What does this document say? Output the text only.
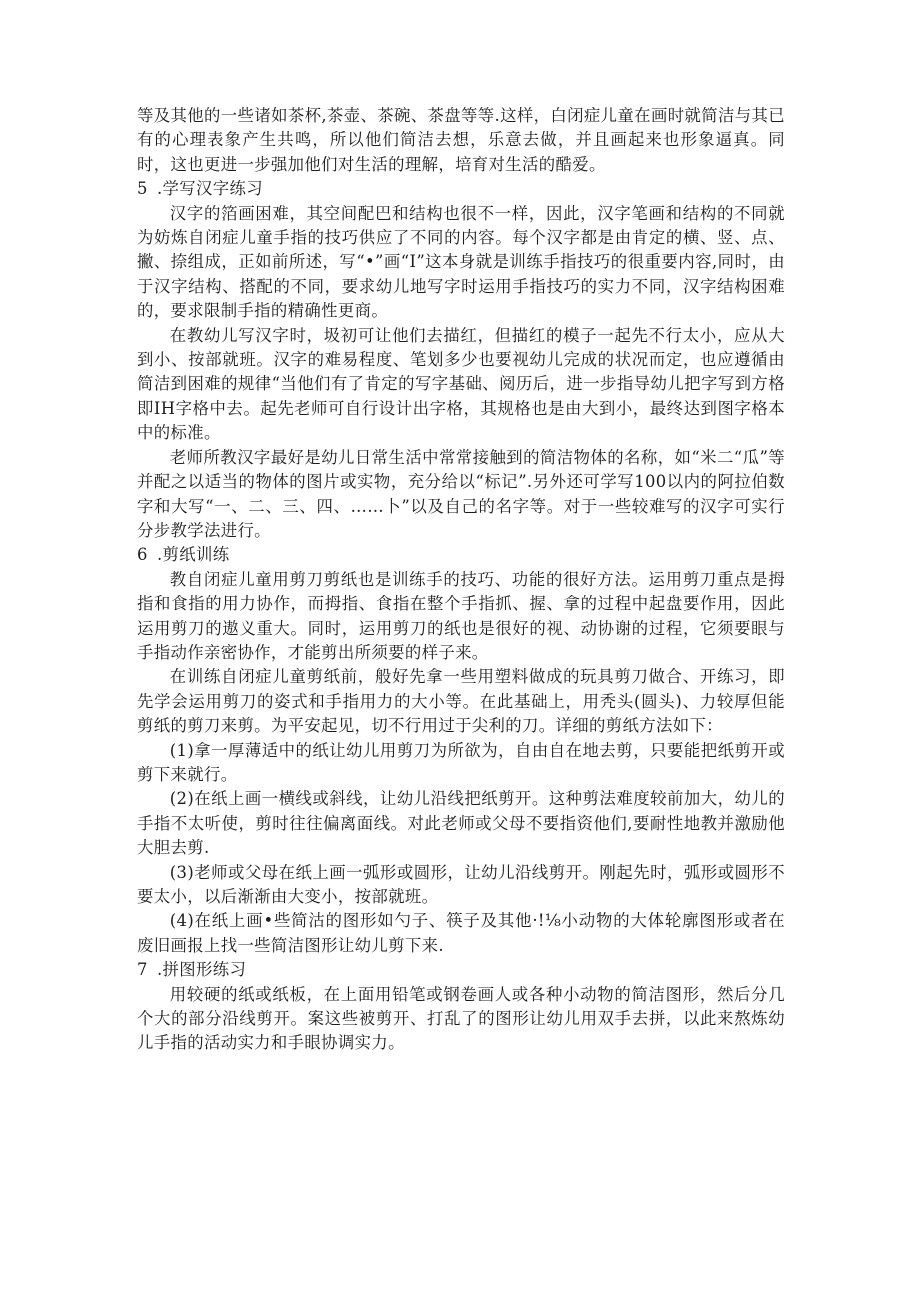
等及其他的一些诸如茶杯,茶壶、茶碗、茶盘等等.这样，白闭症儿童在画时就简洁与其已有的心理表象产生共鸣，所以他们简洁去想，乐意去做，并且画起来也形象逼真。同时，这也更进一步强加他们对生活的理解，培育对生活的酷爱。

5 .学写汉字练习

汉字的箔画困难，其空间配巴和结构也很不一样，因此，汉字笔画和结构的不同就为妨炼自闭症儿童手指的技巧供应了不同的内容。每个汉字都是由肯定的横、竖、点、撇、捺组成，正如前所述，写“•”画“I”这本身就是训练手指技巧的很重要内容,同时，由于汉字结构、搭配的不同，要求幼儿地写字时运用手指技巧的实力不同，汉字结构困难的，要求限制手指的精确性更商。

在教幼儿写汉字时，圾初可让他们去描红，但描红的模子一起先不行太小，应从大到小、按部就班。汉字的难易程度、笔划多少也要视幼儿完成的状况而定，也应遵循由简洁到困难的规律“当他们有了肯定的写字基础、阅历后，进一步指导幼儿把字写到方格即IH字格中去。起先老师可自行设计出字格，其规格也是由大到小，最终达到图字格本中的标准。

老师所教汉字最好是幼儿日常生活中常常接触到的简洁物体的名称，如“米二“瓜”等并配之以适当的物体的图片或实物，充分给以“标记”.另外还可学写100以内的阿拉伯数字和大写“一、二、三、四、……卜”以及自己的名字等。对于一些较难写的汉字可实行分步教学法进行。

6 .剪纸训练

教自闭症儿童用剪刀剪纸也是训练手的技巧、功能的很好方法。运用剪刀重点是拇指和食指的用力协作，而拇指、食指在整个手指抓、握、拿的过程中起盘要作用，因此运用剪刀的遨义重大。同时，运用剪刀的纸也是很好的视、动协谢的过程，它须要眼与手指动作亲密协作，才能剪出所须要的样子来。

在训练自闭症儿童剪纸前，般好先拿一些用塑料做成的玩具剪刀做合、开练习，即先学会运用剪刀的姿式和手指用力的大小等。在此基础上，用秃头(圆头)、力较厚但能剪纸的剪刀来剪。为平安起见，切不行用过于尖利的刀。详细的剪纸方法如下：

(1)拿一厚薄适中的纸让幼儿用剪刀为所欲为，自由自在地去剪，只要能把纸剪开或剪下来就行。

(2)在纸上画一横线或斜线，让幼儿沿线把纸剪开。这种剪法难度较前加大，幼儿的手指不太听使，剪时往往偏离面线。对此老师或父母不要指资他们,要耐性地教并激励他大胆去剪.

(3)老师或父母在纸上画一弧形或圆形，让幼儿沿线剪开。刚起先时，弧形或圆形不要太小，以后渐渐由大变小，按部就班。

(4)在纸上画•些简沽的图形如勺子、筷子及其他·!⅛小动物的大体轮廓图形或者在废旧画报上找一些简洁图形让幼儿剪下来.

7 .拼图形练习

用较硬的纸或纸板，在上面用铅笔或钢卷画人或各种小动物的简洁图形，然后分几个大的部分沿线剪开。案这些被剪开、打乱了的图形让幼儿用双手去拼，以此来熬炼幼儿手指的活动实力和手眼协调实力。
